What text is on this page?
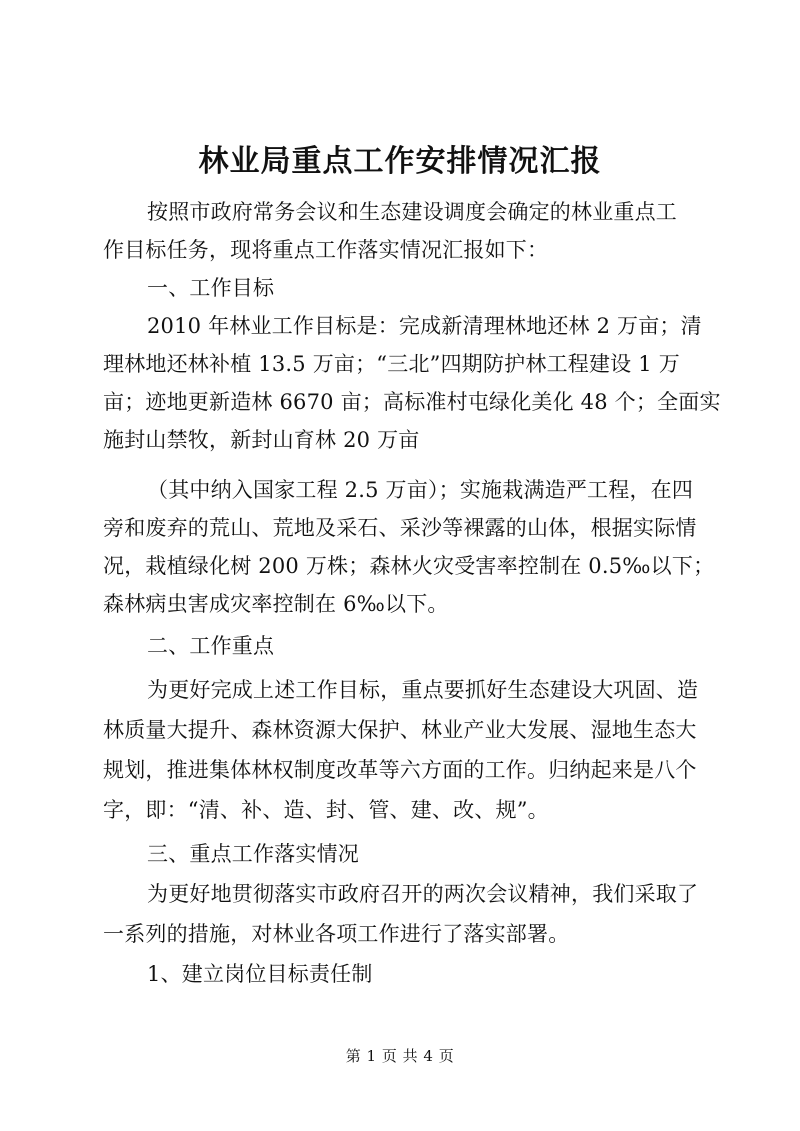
林业局重点工作安排情况汇报
按照市政府常务会议和生态建设调度会确定的林业重点工
作目标任务，现将重点工作落实情况汇报如下：
一、工作目标
2010 年林业工作目标是：完成新清理林地还林 2 万亩；清
理林地还林补植 13.5 万亩；“三北”四期防护林工程建设 1 万
亩；迹地更新造林 6670 亩；高标准村屯绿化美化 48 个；全面实
施封山禁牧，新封山育林 20 万亩
（其中纳入国家工程 2.5 万亩）；实施栽满造严工程，在四
旁和废弃的荒山、荒地及采石、采沙等裸露的山体，根据实际情
况，栽植绿化树 200 万株；森林火灾受害率控制在 0.5‰以下；
森林病虫害成灾率控制在 6‰以下。
二、工作重点
为更好完成上述工作目标，重点要抓好生态建设大巩固、造
林质量大提升、森林资源大保护、林业产业大发展、湿地生态大
规划，推进集体林权制度改革等六方面的工作。归纳起来是八个
字，即：“清、补、造、封、管、建、改、规”。
三、重点工作落实情况
为更好地贯彻落实市政府召开的两次会议精神，我们采取了
一系列的措施，对林业各项工作进行了落实部署。
1、建立岗位目标责任制
第 1 页 共 4 页
